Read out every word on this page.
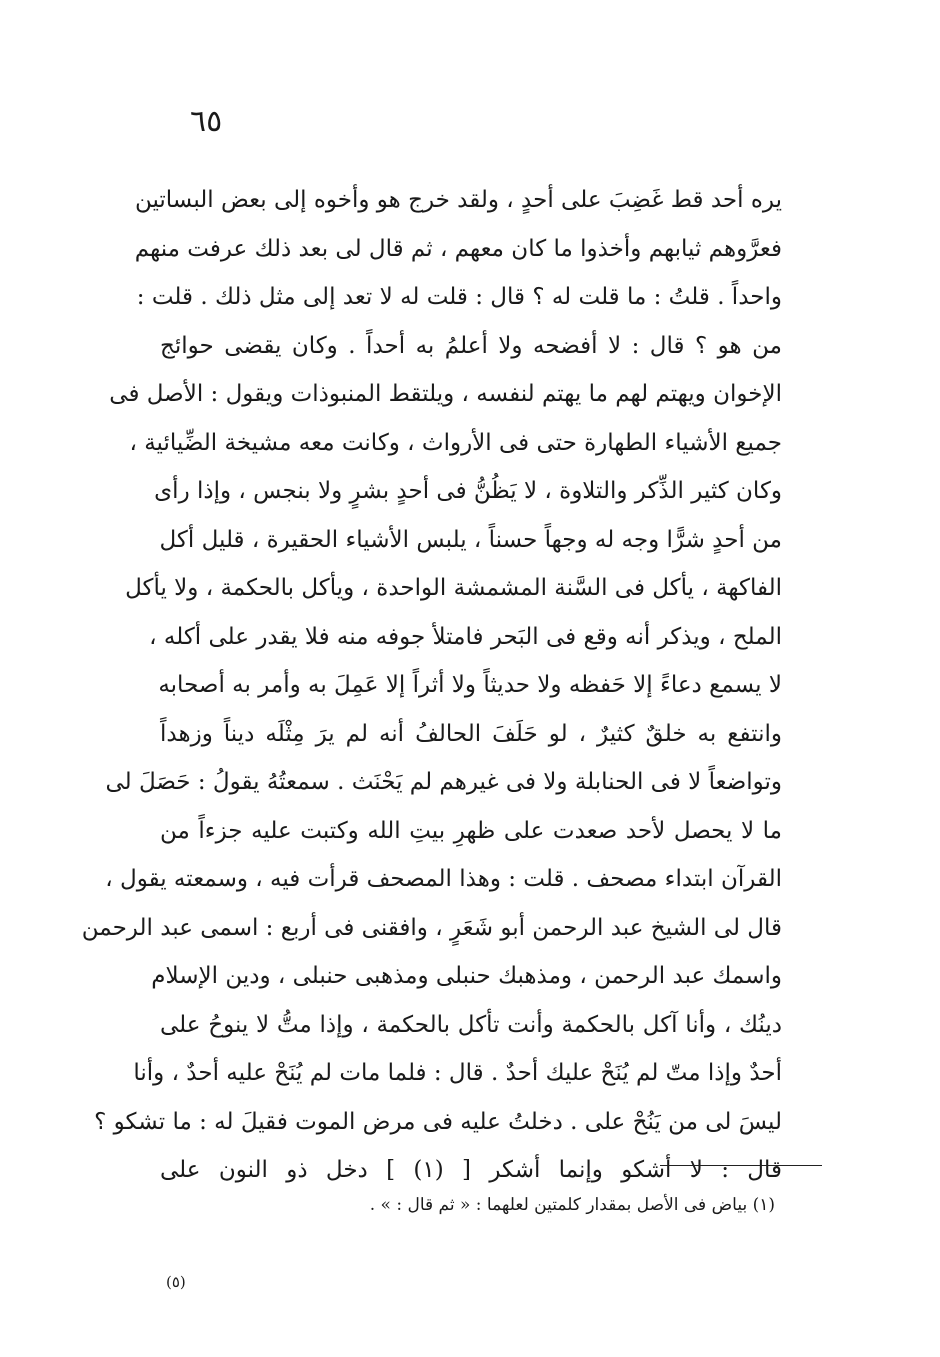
٦٥
يره أحد قط غَضِبَ على أحدٍ ، ولقد خرج هو وأخوه إلى بعض البساتين
فعرَّوهم ثيابهم وأخذوا ما كان معهم ، ثم قال لى بعد ذلك عرفت منهم
واحداً . قلتُ : ما قلت له ؟ قال : قلت له لا تعد إلى مثل ذلك . قلت :
من هو ؟ قال : لا أفضحه ولا أعلمُ به أحداً . وكان يقضى حوائج
الإخوان ويهتم لهم ما يهتم لنفسه ، ويلتقط المنبوذات ويقول : الأصل فى
جميع الأشياء الطهارة حتى فى الأرواث ، وكانت معه مشيخة الضِّيائية ،
وكان كثير الذِّكر والتلاوة ، لا يَظُنُّ فى أحدٍ بشرٍ ولا بنجس ، وإذا رأى
من أحدٍ شرًّا وجه له وجهاً حسناً ، يلبس الأشياء الحقيرة ، قليل أكل
الفاكهة ، يأكل فى السَّنة المشمشة الواحدة ، ويأكل بالحكمة ، ولا يأكل
الملح ، ويذكر أنه وقع فى البَحر فامتلأ جوفه منه فلا يقدر على أكله ،
لا يسمع دعاءً إلا حَفظه ولا حديثاً ولا أثراً إلا عَمِلَ به وأمر به أصحابه
وانتفع به خلقٌ كثيرٌ ، لو حَلَفَ الحالفُ أنه لم يرَ مِثْلَه ديناً وزهداً
وتواضعاً لا فى الحنابلة ولا فى غيرهم لم يَحْنَث . سمعتُهُ يقولُ : حَصَلَ لى
ما لا يحصل لأحد صعدت على ظهرِ بيتِ الله وكتبت عليه جزءاً من
القرآن ابتداء مصحف . قلت : وهذا المصحف قرأت فيه ، وسمعته يقول ،
قال لى الشيخ عبد الرحمن أبو شَعَرٍ ، وافقنى فى أربع : اسمى عبد الرحمن
واسمك عبد الرحمن ، ومذهبك حنبلى ومذهبى حنبلى ، ودين الإسلام
دينُك ، وأنا آكل بالحكمة وأنت تأكل بالحكمة ، وإذا متُّ لا ينوحُ على
أحدٌ وإذا متّ لم يُنَحْ عليك أحدٌ . قال : فلما مات لم يُنَحْ عليه أحدٌ ، وأنا
ليسَ لى من يَنُحْ على . دخلتُ عليه فى مرض الموت فقيلَ له : ما تشكو ؟
قال : لا أشكو وإنما أشكر [ (١) ] دخل ذو النون على
(١) بياض فى الأصل بمقدار كلمتين لعلهما : « ثم قال : » .
(٥)
